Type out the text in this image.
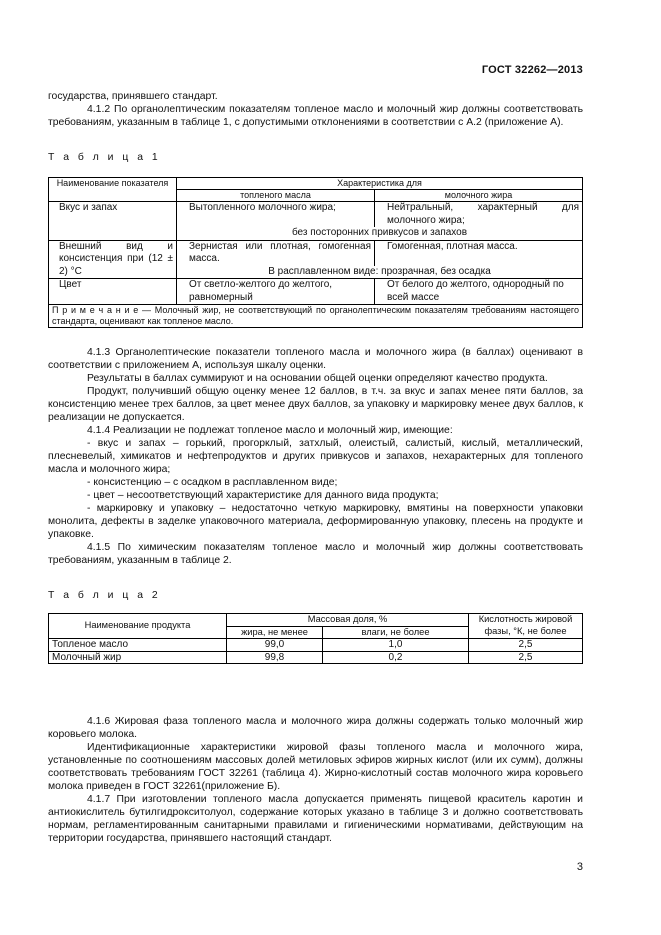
ГОСТ 32262—2013

государства, принявшего стандарт.

4.1.2 По органолептическим показателям топленое масло и молочный жир должны соответствовать требованиям, указанным в таблице 1, с допустимыми отклонениями в соответствии с А.2 (приложение А).

Т а б л и ц а 1
Наименование показателя	Характеристика для	
	топленого масла	молочного жира
Вкус и запах	Вытопленного молочного жира;	Нейтральный, характерный для молочного жира;
	без посторонних привкусов и запахов	
Внешний вид и консистенция при (12 ± 2) °С	Зернистая или плотная, гомогенная масса.	Гомогенная, плотная масса.
	В расплавленном виде: прозрачная, без осадка	
Цвет	От светло-желтого до желтого, равномерный	От белого до желтого, однородный по всей массе
П р и м е ч а н и е — Молочный жир, не соответствующий по органолептическим показателям требованиям настоящего стандарта, оценивают как топленое масло.		

4.1.3 Органолептические показатели топленого масла и молочного жира (в баллах) оценивают в соответствии с приложением А, используя шкалу оценки.

Результаты в баллах суммируют и на основании общей оценки определяют качество продукта.

Продукт, получивший общую оценку менее 12 баллов, в т.ч. за вкус и запах менее пяти баллов, за консистенцию менее трех баллов, за цвет менее двух баллов, за упаковку и маркировку менее двух баллов, к реализации не допускается.

4.1.4 Реализации не подлежат топленое масло и молочный жир, имеющие:

- вкус и запах – горький, прогорклый, затхлый, олеистый, салистый, кислый, металлический, плесневелый, химикатов и нефтепродуктов и других привкусов и запахов, нехарактерных для топленого масла и молочного жира;

- консистенцию – с осадком в расплавленном виде;

- цвет – несоответствующий характеристике для данного вида продукта;

- маркировку и упаковку – недостаточно четкую маркировку, вмятины на поверхности упаковки монолита, дефекты в заделке упаковочного материала, деформированную упаковку, плесень на продукте и упаковке.

4.1.5 По химическим показателям топленое масло и молочный жир должны соответствовать требованиям, указанным в таблице 2.

Т а б л и ц а 2
Наименование продукта	Массовая доля, %		Кислотность жировой фазы, °К, не более
	жира, не менее	влаги, не более	
Топленое масло	99,0	1,0	2,5
Молочный жир	99,8	0,2	2,5

4.1.6 Жировая фаза топленого масла и молочного жира должны содержать только молочный жир коровьего молока.

Идентификационные характеристики жировой фазы топленого масла и молочного жира, установленные по соотношениям массовых долей метиловых эфиров жирных кислот (или их сумм), должны соответствовать требованиям ГОСТ 32261 (таблица 4). Жирно-кислотный состав молочного жира коровьего молока приведен в ГОСТ 32261(приложение Б).

4.1.7 При изготовлении топленого масла допускается применять пищевой краситель каротин и антиокислитель бутилгидрокситолуол, содержание которых указано в таблице 3 и должно соответствовать нормам, регламентированным санитарными правилами и гигиеническими нормативами, действующим на территории государства, принявшего настоящий стандарт.

3
